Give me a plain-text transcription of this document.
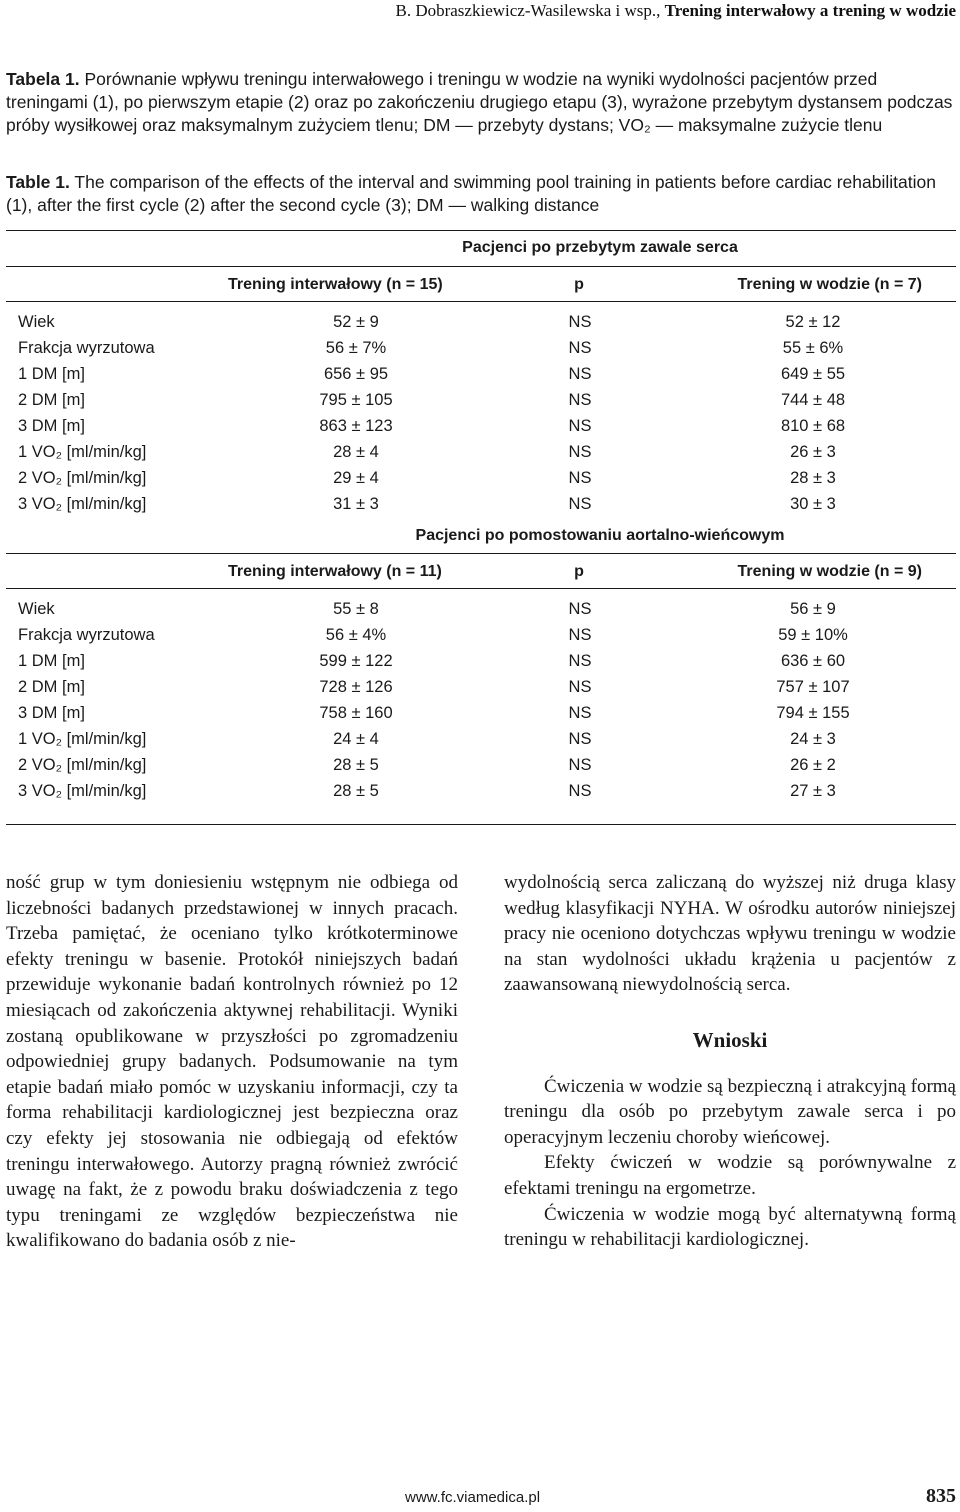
B. Dobraszkiewicz-Wasilewska i wsp., Trening interwałowy a trening w wodzie
Tabela 1. Porównanie wpływu treningu interwałowego i treningu w wodzie na wyniki wydolności pacjentów przed treningami (1), po pierwszym etapie (2) oraz po zakończeniu drugiego etapu (3), wyrażone przebytym dystansem podczas próby wysiłkowej oraz maksymalnym zużyciem tlenu; DM — przebyty dystans; VO₂ — maksymalne zużycie tlenu
Table 1. The comparison of the effects of the interval and swimming pool training in patients before cardiac rehabilitation (1), after the first cycle (2) after the second cycle (3); DM — walking distance
Pacjenci po przebytym zawale serca
Trening interwałowy (n = 15)	p	Trening w wodzie (n = 7)
Wiek	52 ± 9	NS	52 ± 12
Frakcja wyrzutowa	56 ± 7%	NS	55 ± 6%
1 DM [m]	656 ± 95	NS	649 ± 55
2 DM [m]	795 ± 105	NS	744 ± 48
3 DM [m]	863 ± 123	NS	810 ± 68
1 VO₂ [ml/min/kg]	28 ± 4	NS	26 ± 3
2 VO₂ [ml/min/kg]	29 ± 4	NS	28 ± 3
3 VO₂ [ml/min/kg]	31 ± 3	NS	30 ± 3
Pacjenci po pomostowaniu aortalno-wieńcowym
Trening interwałowy (n = 11)	p	Trening w wodzie (n = 9)
Wiek	55 ± 8	NS	56 ± 9
Frakcja wyrzutowa	56 ± 4%	NS	59 ± 10%
1 DM [m]	599 ± 122	NS	636 ± 60
2 DM [m]	728 ± 126	NS	757 ± 107
3 DM [m]	758 ± 160	NS	794 ± 155
1 VO₂ [ml/min/kg]	24 ± 4	NS	24 ± 3
2 VO₂ [ml/min/kg]	28 ± 5	NS	26 ± 2
3 VO₂ [ml/min/kg]	28 ± 5	NS	27 ± 3

ność grup w tym doniesieniu wstępnym nie odbiega od liczebności badanych przedstawionej w innych pracach. Trzeba pamiętać, że oceniano tylko krótkoterminowe efekty treningu w basenie. Protokół niniejszych badań przewiduje wykonanie badań kontrolnych również po 12 miesiącach od zakończenia aktywnej rehabilitacji. Wyniki zostaną opublikowane w przyszłości po zgromadzeniu odpowiedniej grupy badanych. Podsumowanie na tym etapie badań miało pomóc w uzyskaniu informacji, czy ta forma rehabilitacji kardiologicznej jest bezpieczna oraz czy efekty jej stosowania nie odbiegają od efektów treningu interwałowego. Autorzy pragną również zwrócić uwagę na fakt, że z powodu braku doświadczenia z tego typu treningami ze względów bezpieczeństwa nie kwalifikowano do badania osób z nie-

wydolnością serca zaliczaną do wyższej niż druga klasy według klasyfikacji NYHA. W ośrodku autorów niniejszej pracy nie oceniono dotychczas wpływu treningu w wodzie na stan wydolności układu krążenia u pacjentów z zaawansowaną niewydolnością serca.

Wnioski

Ćwiczenia w wodzie są bezpieczną i atrakcyjną formą treningu dla osób po przebytym zawale serca i po operacyjnym leczeniu choroby wieńcowej.

Efekty ćwiczeń w wodzie są porównywalne z efektami treningu na ergometrze.

Ćwiczenia w wodzie mogą być alternatywną formą treningu w rehabilitacji kardiologicznej.

www.fc.viamedica.pl	835
